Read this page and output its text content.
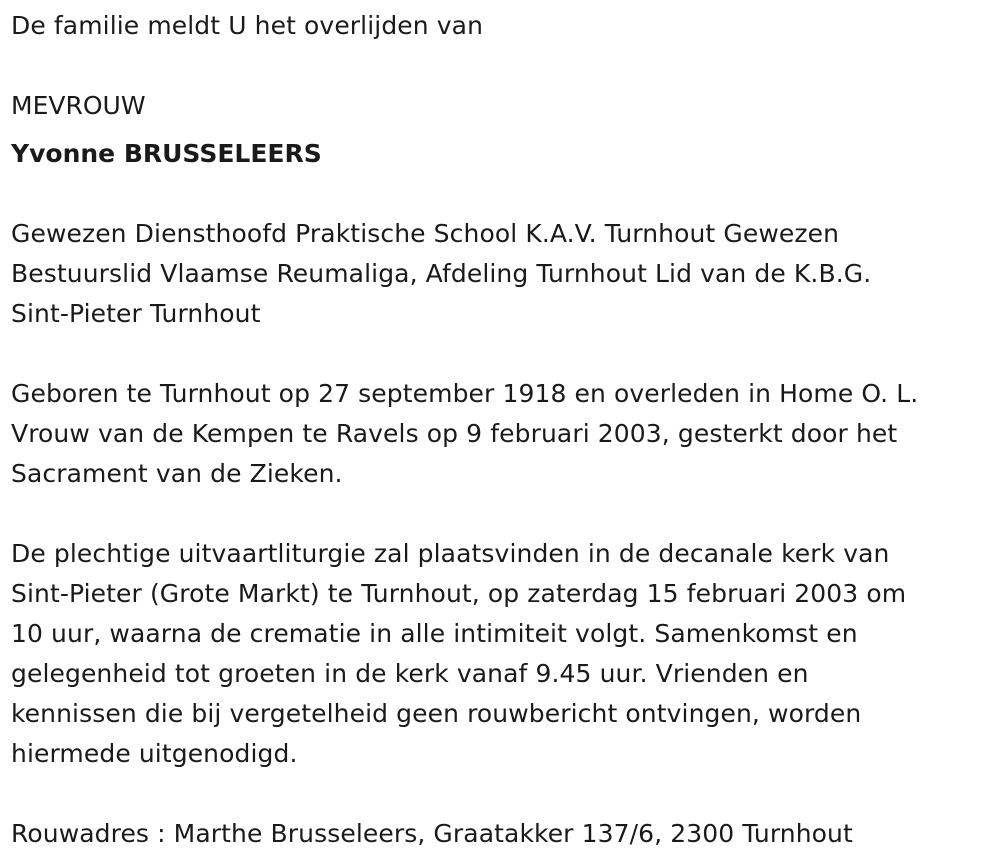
De familie meldt U het overlijden van
MEVROUW
Yvonne BRUSSELEERS
Gewezen Diensthoofd Praktische School K.A.V. Turnhout Gewezen
Bestuurslid Vlaamse Reumaliga, Afdeling Turnhout Lid van de K.B.G.
Sint-Pieter Turnhout
Geboren te Turnhout op 27 september 1918 en overleden in Home O. L.
Vrouw van de Kempen te Ravels op 9 februari 2003, gesterkt door het
Sacrament van de Zieken.
De plechtige uitvaartliturgie zal plaatsvinden in de decanale kerk van
Sint-Pieter (Grote Markt) te Turnhout, op zaterdag 15 februari 2003 om
10 uur, waarna de crematie in alle intimiteit volgt. Samenkomst en
gelegenheid tot groeten in de kerk vanaf 9.45 uur. Vrienden en
kennissen die bij vergetelheid geen rouwbericht ontvingen, worden
hiermede uitgenodigd.
Rouwadres : Marthe Brusseleers, Graatakker 137/6, 2300 Turnhout
